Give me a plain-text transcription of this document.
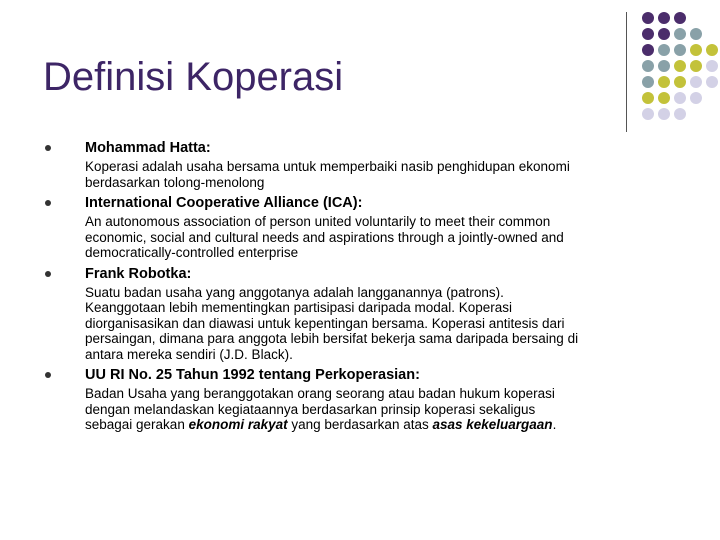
Definisi Koperasi

Mohammad Hatta:

Koperasi adalah usaha bersama untuk memperbaiki nasib penghidupan ekonomi
berdasarkan tolong-menolong

International Cooperative Alliance (ICA):

An autonomous association of person united voluntarily to meet their common
economic, social and cultural needs and aspirations through a jointly-owned and
democratically-controlled enterprise

Frank Robotka:

Suatu badan usaha yang anggotanya adalah langganannya (patrons).
Keanggotaan lebih mementingkan partisipasi daripada modal. Koperasi
diorganisasikan dan diawasi untuk kepentingan bersama. Koperasi antitesis dari
persaingan, dimana para anggota lebih bersifat bekerja sama daripada bersaing di
antara mereka sendiri (J.D. Black).

UU RI No. 25 Tahun 1992 tentang Perkoperasian:

Badan Usaha yang beranggotakan orang seorang atau badan hukum koperasi
dengan melandaskan kegiataannya berdasarkan prinsip koperasi sekaligus
sebagai gerakan ekonomi rakyat yang berdasarkan atas asas kekeluargaan.
